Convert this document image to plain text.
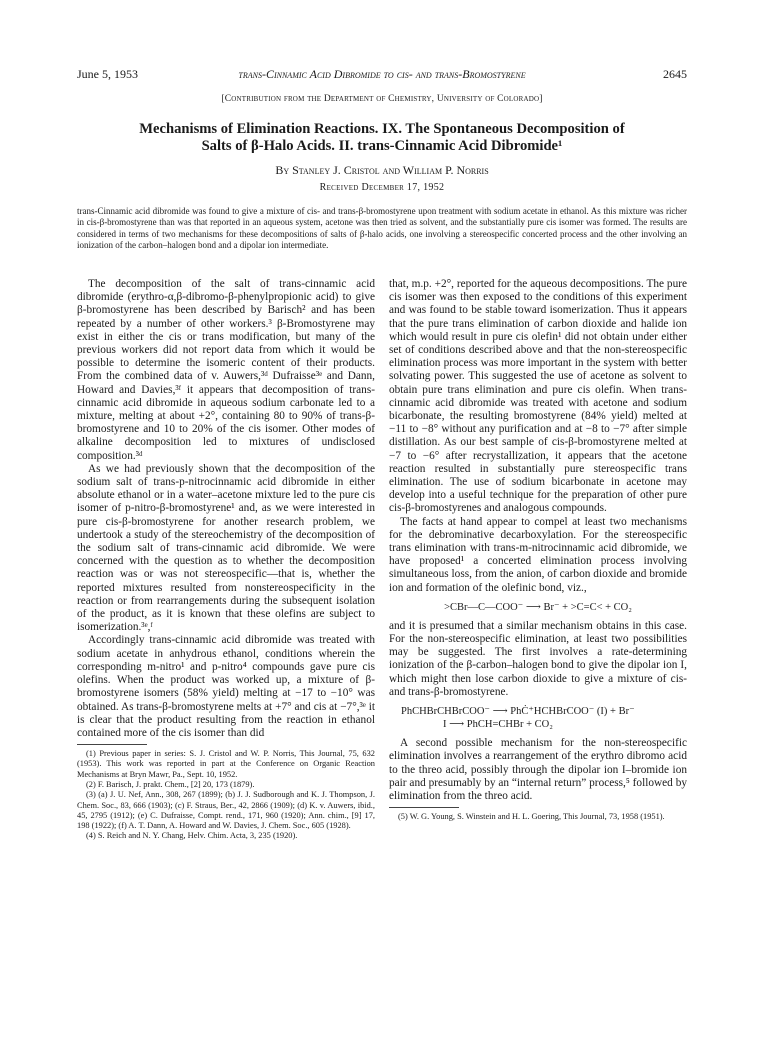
June 5, 1953	trans-Cinnamic Acid Dibromide to cis- and trans-Bromostyrene	2645
[Contribution from the Department of Chemistry, University of Colorado]
Mechanisms of Elimination Reactions. IX. The Spontaneous Decomposition of
Salts of β-Halo Acids. II. trans-Cinnamic Acid Dibromide¹
By Stanley J. Cristol and William P. Norris
Received December 17, 1952
trans-Cinnamic acid dibromide was found to give a mixture of cis- and trans-β-bromostyrene upon treatment with sodium acetate in ethanol. As this mixture was richer in cis-β-bromostyrene than was that reported in an aqueous system, acetone was then tried as solvent, and the substantially pure cis isomer was formed. The results are considered in terms of two mechanisms for these decompositions of salts of β-halo acids, one involving a stereospecific concerted process and the other involving an ionization of the carbon–halogen bond and a dipolar ion intermediate.

The decomposition of the salt of trans-cinnamic acid dibromide (erythro-α,β-dibromo-β-phenylpropionic acid) to give β-bromostyrene has been described by Barisch² and has been repeated by a number of other workers.³ β-Bromostyrene may exist in either the cis or trans modification, but many of the previous workers did not report data from which it would be possible to determine the isomeric content of their products. From the combined data of v. Auwers,³ᵈ Dufraisse³ᵉ and Dann, Howard and Davies,³ᶠ it appears that decomposition of trans-cinnamic acid dibromide in aqueous sodium carbonate led to a mixture, melting at about +2°, containing 80 to 90% of trans-β-bromostyrene and 10 to 20% of the cis isomer. Other modes of alkaline decomposition led to mixtures of undisclosed composition.³ᵈ

As we had previously shown that the decomposition of the sodium salt of trans-p-nitrocinnamic acid dibromide in either absolute ethanol or in a water–acetone mixture led to the pure cis isomer of p-nitro-β-bromostyrene¹ and, as we were interested in pure cis-β-bromostyrene for another research problem, we undertook a study of the stereochemistry of the decomposition of the sodium salt of trans-cinnamic acid dibromide. We were concerned with the question as to whether the decomposition reaction was or was not stereospecific—that is, whether the reported mixtures resulted from nonstereospecificity in the reaction or from rearrangements during the subsequent isolation of the product, as it is known that these olefins are subject to isomerization.³ᵉ,ᶠ

Accordingly trans-cinnamic acid dibromide was treated with sodium acetate in anhydrous ethanol, conditions wherein the corresponding m-nitro¹ and p-nitro⁴ compounds gave pure cis olefins. When the product was worked up, a mixture of β-bromostyrene isomers (58% yield) melting at −17 to −10° was obtained. As trans-β-bromostyrene melts at +7° and cis at −7°,³ᵉ it is clear that the product resulting from the reaction in ethanol contained more of the cis isomer than did

(1) Previous paper in series: S. J. Cristol and W. P. Norris, This Journal, 75, 632 (1953). This work was reported in part at the Conference on Organic Reaction Mechanisms at Bryn Mawr, Pa., Sept. 10, 1952.
(2) F. Barisch, J. prakt. Chem., [2] 20, 173 (1879).
(3) (a) J. U. Nef, Ann., 308, 267 (1899); (b) J. J. Sudborough and K. J. Thompson, J. Chem. Soc., 83, 666 (1903); (c) F. Straus, Ber., 42, 2866 (1909); (d) K. v. Auwers, ibid., 45, 2795 (1912); (e) C. Dufraisse, Compt. rend., 171, 960 (1920); Ann. chim., [9] 17, 198 (1922); (f) A. T. Dann, A. Howard and W. Davies, J. Chem. Soc., 605 (1928).
(4) S. Reich and N. Y. Chang, Helv. Chim. Acta, 3, 235 (1920).

that, m.p. +2°, reported for the aqueous decompositions. The pure cis isomer was then exposed to the conditions of this experiment and was found to be stable toward isomerization. Thus it appears that the pure trans elimination of carbon dioxide and halide ion which would result in pure cis olefin¹ did not obtain under either set of conditions described above and that the non-stereospecific elimination process was more important in the system with better solvating power. This suggested the use of acetone as solvent to obtain pure trans elimination and pure cis olefin. When trans-cinnamic acid dibromide was treated with acetone and sodium bicarbonate, the resulting bromostyrene (84% yield) melted at −11 to −8° without any purification and at −8 to −7° after simple distillation. As our best sample of cis-β-bromostyrene melted at −7 to −6° after recrystallization, it appears that the acetone reaction resulted in substantially pure stereospecific trans elimination. The use of sodium bicarbonate in acetone may develop into a useful technique for the preparation of other pure cis-β-bromostyrenes and analogous compounds.

The facts at hand appear to compel at least two mechanisms for the debrominative decarboxylation. For the stereospecific trans elimination with trans-m-nitrocinnamic acid dibromide, we have proposed¹ a concerted elimination process involving simultaneous loss, from the anion, of carbon dioxide and bromide ion and formation of the olefinic bond, viz.,

>CBr—C—COO⁻ ⟶ Br⁻ + >C=C< + CO₂

and it is presumed that a similar mechanism obtains in this case. For the non-stereospecific elimination, at least two possibilities may be suggested. The first involves a rate-determining ionization of the β-carbon–halogen bond to give the dipolar ion I, which might then lose carbon dioxide to give a mixture of cis- and trans-β-bromostyrene.

PhCHBrCHBrCOO⁻ ⟶ PhĊ⁺HCHBrCOO⁻ (I) + Br⁻
I ⟶ PhCH=CHBr + CO₂

A second possible mechanism for the non-stereospecific elimination involves a rearrangement of the erythro dibromo acid to the threo acid, possibly through the dipolar ion I–bromide ion pair and presumably by an “internal return” process,⁵ followed by elimination from the threo acid.

(5) W. G. Young, S. Winstein and H. L. Goering, This Journal, 73, 1958 (1951).
